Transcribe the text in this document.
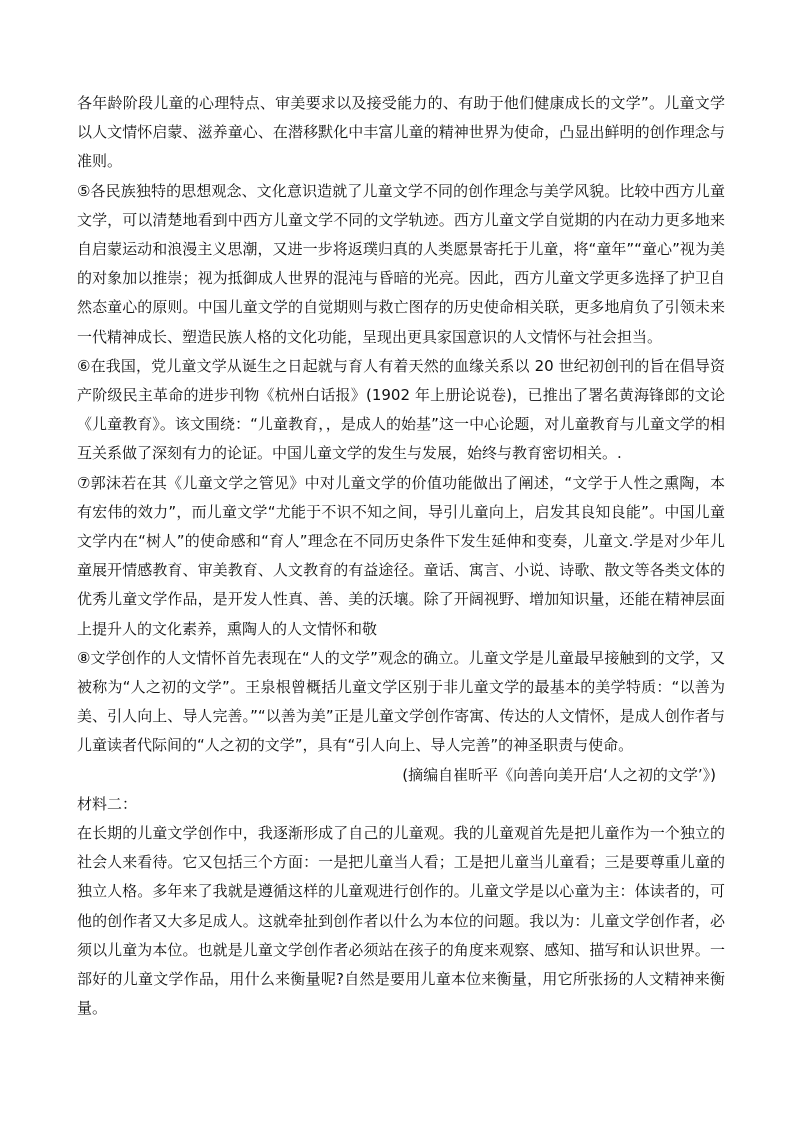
各年龄阶段儿童的心理特点、审美要求以及接受能力的、有助于他们健康成长的文学”。儿童文学以人文情怀启蒙、滋养童心、在潜移默化中丰富儿童的精神世界为使命，凸显出鲜明的创作理念与准则。

⑤各民族独特的思想观念、文化意识造就了儿童文学不同的创作理念与美学风貌。比较中西方儿童文学，可以清楚地看到中西方儿童文学不同的文学轨迹。西方儿童文学自觉期的内在动力更多地来自启蒙运动和浪漫主义思潮，又进一步将返璞归真的人类愿景寄托于儿童，将“童年”“童心”视为美的对象加以推崇；视为抵御成人世界的混沌与昏暗的光亮。因此，西方儿童文学更多选择了护卫自然态童心的原则。中国儿童文学的自觉期则与救亡图存的历史使命相关联，更多地肩负了引领未来一代精神成长、塑造民族人格的文化功能，呈现出更具家国意识的人文情怀与社会担当。

⑥在我国，党儿童文学从诞生之日起就与育人有着天然的血缘关系以 20 世纪初创刊的旨在倡导资产阶级民主革命的进步刊物《杭州白话报》(1902 年上册论说卷)，已推出了署名黄海锋郎的文论《儿童教育》。该文围绕：“儿童教育，，是成人的始基”这一中心论题，对儿童教育与儿童文学的相互关系做了深刻有力的论证。中国儿童文学的发生与发展，始终与教育密切相关。.

⑦郭沫若在其《儿童文学之管见》中对儿童文学的价值功能做出了阐述，“文学于人性之熏陶，本有宏伟的效力”，而儿童文学“尤能于不识不知之间，导引儿童向上，启发其良知良能”。中国儿童文学内在“树人”的使命感和“育人”理念在不同历史条件下发生延伸和变奏，儿童文.学是对少年儿童展开情感教育、审美教育、人文教育的有益途径。童话、寓言、小说、诗歌、散文等各类文体的优秀儿童文学作品，是开发人性真、善、美的沃壤。除了开阔视野、增加知识量，还能在精神层面上提升人的文化素养，熏陶人的人文情怀和敬

⑧文学创作的人文情怀首先表现在“人的文学”观念的确立。儿童文学是儿童最早接触到的文学，又被称为“人之初的文学”。王泉根曾概括儿童文学区别于非儿童文学的最基本的美学特质：“以善为美、引人向上、导人完善。”“以善为美”正是儿童文学创作寄寓、传达的人文情怀，是成人创作者与儿童读者代际间的“人之初的文学”，具有“引人向上、导人完善”的神圣职责与使命。

(摘编自崔昕平《向善向美开启‘人之初的文学’》)

材料二：

在长期的儿童文学创作中，我逐渐形成了自己的儿童观。我的儿童观首先是把儿童作为一个独立的社会人来看待。它又包括三个方面：一是把儿童当人看；工是把儿童当儿童看；三是要尊重儿童的独立人格。多年来了我就是遵循这样的儿童观进行创作的。儿童文学是以心童为主：体读者的，可他的创作者又大多足成人。这就牵扯到创作者以什么为本位的问题。我以为：儿童文学创作者，必须以儿童为本位。也就是儿童文学创作者必须站在孩子的角度来观察、感知、描写和认识世界。一部好的儿童文学作品，用什么来衡量呢?自然是要用儿童本位来衡量，用它所张扬的人文精神来衡量。
